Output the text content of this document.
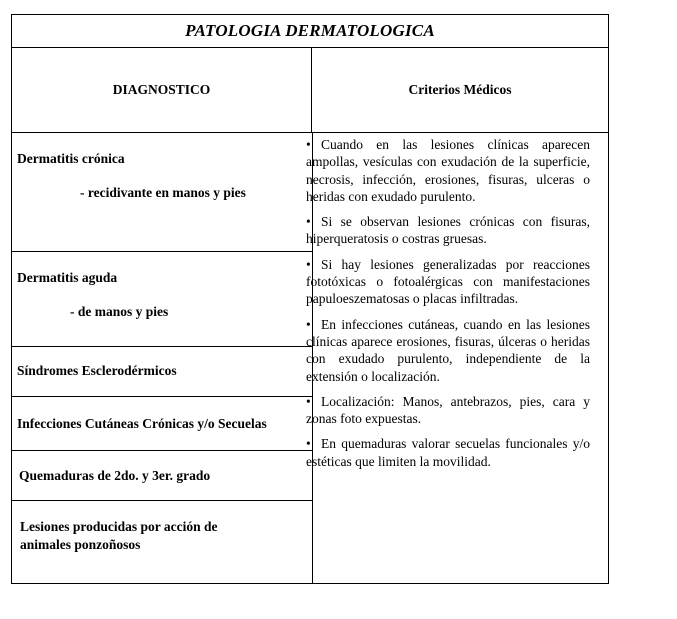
PATOLOGIA DERMATOLOGICA
DIAGNOSTICO	Criterios Médicos
Dermatitis crónica
- recidivante en manos y pies
Dermatitis aguda
- de manos y pies
Síndromes Esclerodérmicos
Infecciones Cutáneas Crónicas y/o Secuelas
Quemaduras de 2do. y 3er. grado
Lesiones producidas por acción de
animales ponzoñosos

• Cuando en las lesiones clínicas aparecen ampollas, vesículas con exudación de la superficie, necrosis, infección, erosiones, fisuras, ulceras o heridas con exudado purulento.

• Si se observan lesiones crónicas con fisuras, hiperqueratosis o costras gruesas.

• Si hay lesiones generalizadas por reacciones fototóxicas o fotoalérgicas con manifestaciones papuloeszematosas o placas infiltradas.

• En infecciones cutáneas, cuando en las lesiones clínicas aparece erosiones, fisuras, úlceras o heridas con exudado purulento, independiente de la extensión o localización.

• Localización: Manos, antebrazos, pies, cara y zonas foto expuestas.

• En quemaduras valorar secuelas funcionales y/o estéticas que limiten la movilidad.
